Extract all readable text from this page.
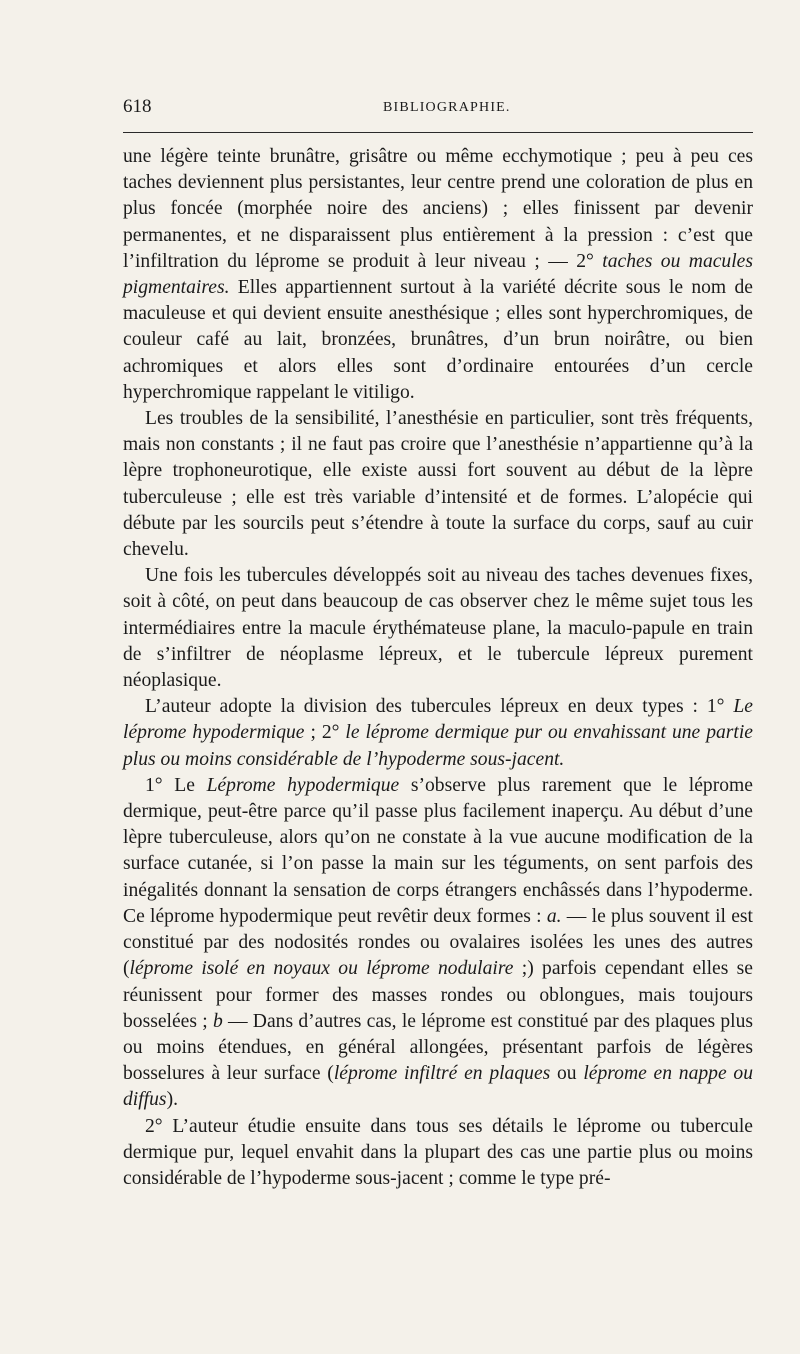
618	BIBLIOGRAPHIE.

une légère teinte brunâtre, grisâtre ou même ecchymotique ; peu à peu ces taches deviennent plus persistantes, leur centre prend une coloration de plus en plus foncée (morphée noire des anciens) ; elles finissent par devenir permanentes, et ne disparaissent plus entièrement à la pression : c’est que l’infiltration du léprome se produit à leur niveau ; — 2° taches ou macules pigmentaires. Elles appartiennent surtout à la variété décrite sous le nom de maculeuse et qui devient ensuite anesthésique ; elles sont hyperchromiques, de couleur café au lait, bronzées, brunâtres, d’un brun noirâtre, ou bien achromiques et alors elles sont d’ordinaire entourées d’un cercle hyperchromique rappelant le vitiligo.

Les troubles de la sensibilité, l’anesthésie en particulier, sont très fréquents, mais non constants ; il ne faut pas croire que l’anesthésie n’appartienne qu’à la lèpre trophoneurotique, elle existe aussi fort souvent au début de la lèpre tuberculeuse ; elle est très variable d’intensité et de formes. L’alopécie qui débute par les sourcils peut s’étendre à toute la surface du corps, sauf au cuir chevelu.

Une fois les tubercules développés soit au niveau des taches devenues fixes, soit à côté, on peut dans beaucoup de cas observer chez le même sujet tous les intermédiaires entre la macule érythémateuse plane, la maculo-papule en train de s’infiltrer de néoplasme lépreux, et le tubercule lépreux purement néoplasique.

L’auteur adopte la division des tubercules lépreux en deux types : 1° Le léprome hypodermique ; 2° le léprome dermique pur ou envahissant une partie plus ou moins considérable de l’hypoderme sous-jacent.

1° Le Léprome hypodermique s’observe plus rarement que le léprome dermique, peut-être parce qu’il passe plus facilement inaperçu. Au début d’une lèpre tuberculeuse, alors qu’on ne constate à la vue aucune modification de la surface cutanée, si l’on passe la main sur les téguments, on sent parfois des inégalités donnant la sensation de corps étrangers enchâssés dans l’hypoderme. Ce léprome hypodermique peut revêtir deux formes : a. — le plus souvent il est constitué par des nodosités rondes ou ovalaires isolées les unes des autres (léprome isolé en noyaux ou léprome nodulaire ;) parfois cependant elles se réunissent pour former des masses rondes ou oblongues, mais toujours bosselées ; b — Dans d’autres cas, le léprome est constitué par des plaques plus ou moins étendues, en général allongées, présentant parfois de légères bosselures à leur surface (léprome infiltré en plaques ou léprome en nappe ou diffus).

2° L’auteur étudie ensuite dans tous ses détails le léprome ou tubercule dermique pur, lequel envahit dans la plupart des cas une partie plus ou moins considérable de l’hypoderme sous-jacent ; comme le type pré-
